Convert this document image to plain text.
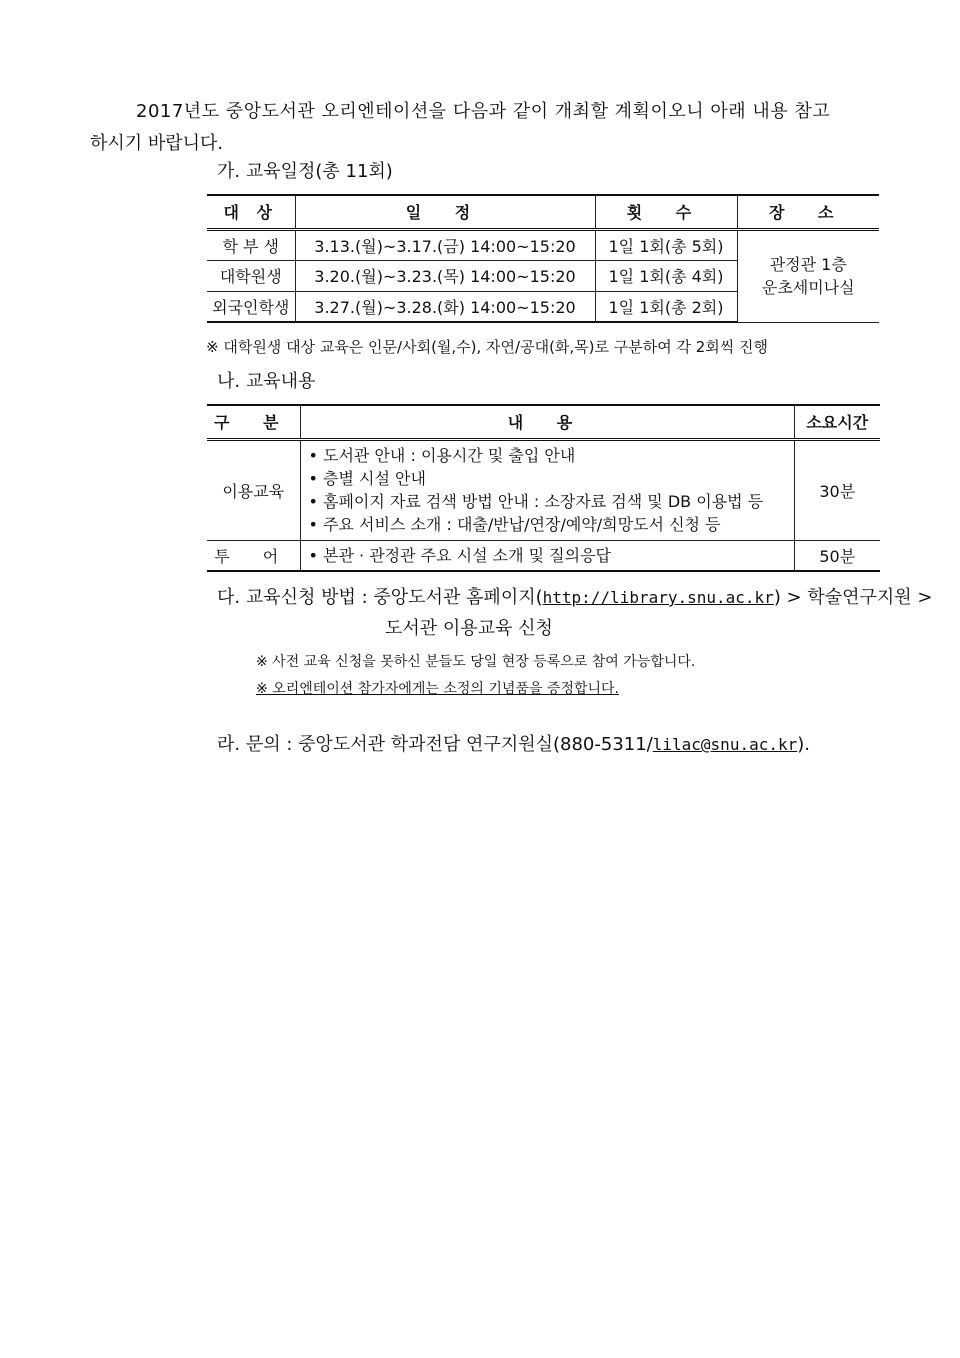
2017년도 중앙도서관 오리엔테이션을 다음과 같이 개최할 계획이오니 아래 내용 참고
하시기 바랍니다.
가. 교육일정(총 11회)
대 상	일 정	횟 수	장 소
학 부 생	3.13.(월)~3.17.(금) 14:00~15:20	1일 1회(총 5회)	관정관 1층
운초세미나실

대학원생	3.20.(월)~3.23.(목) 14:00~15:20	1일 1회(총 4회)	
외국인학생	3.27.(월)~3.28.(화) 14:00~15:20	1일 1회(총 2회)	
※ 대학원생 대상 교육은 인문/사회(월,수), 자연/공대(화,목)로 구분하여 각 2회씩 진행
나. 교육내용
구 분	내 용	소요시간
이용교육	• 도서관 안내 : 이용시간 및 출입 안내
• 층별 시설 안내
• 홈페이지 자료 검색 방법 안내 : 소장자료 검색 및 DB 이용법 등
• 주요 서비스 소개 : 대출/반납/연장/예약/희망도서 신청 등	30분
투 어	• 본관 · 관정관 주요 시설 소개 및 질의응답	50분
다. 교육신청 방법 : 중앙도서관 홈페이지(http://library.snu.ac.kr) > 학술연구지원 >
도서관 이용교육 신청
※ 사전 교육 신청을 못하신 분들도 당일 현장 등록으로 참여 가능합니다.
※ 오리엔테이션 참가자에게는 소정의 기념품을 증정합니다.
라. 문의 : 중앙도서관 학과전담 연구지원실(880-5311/lilac@snu.ac.kr).
